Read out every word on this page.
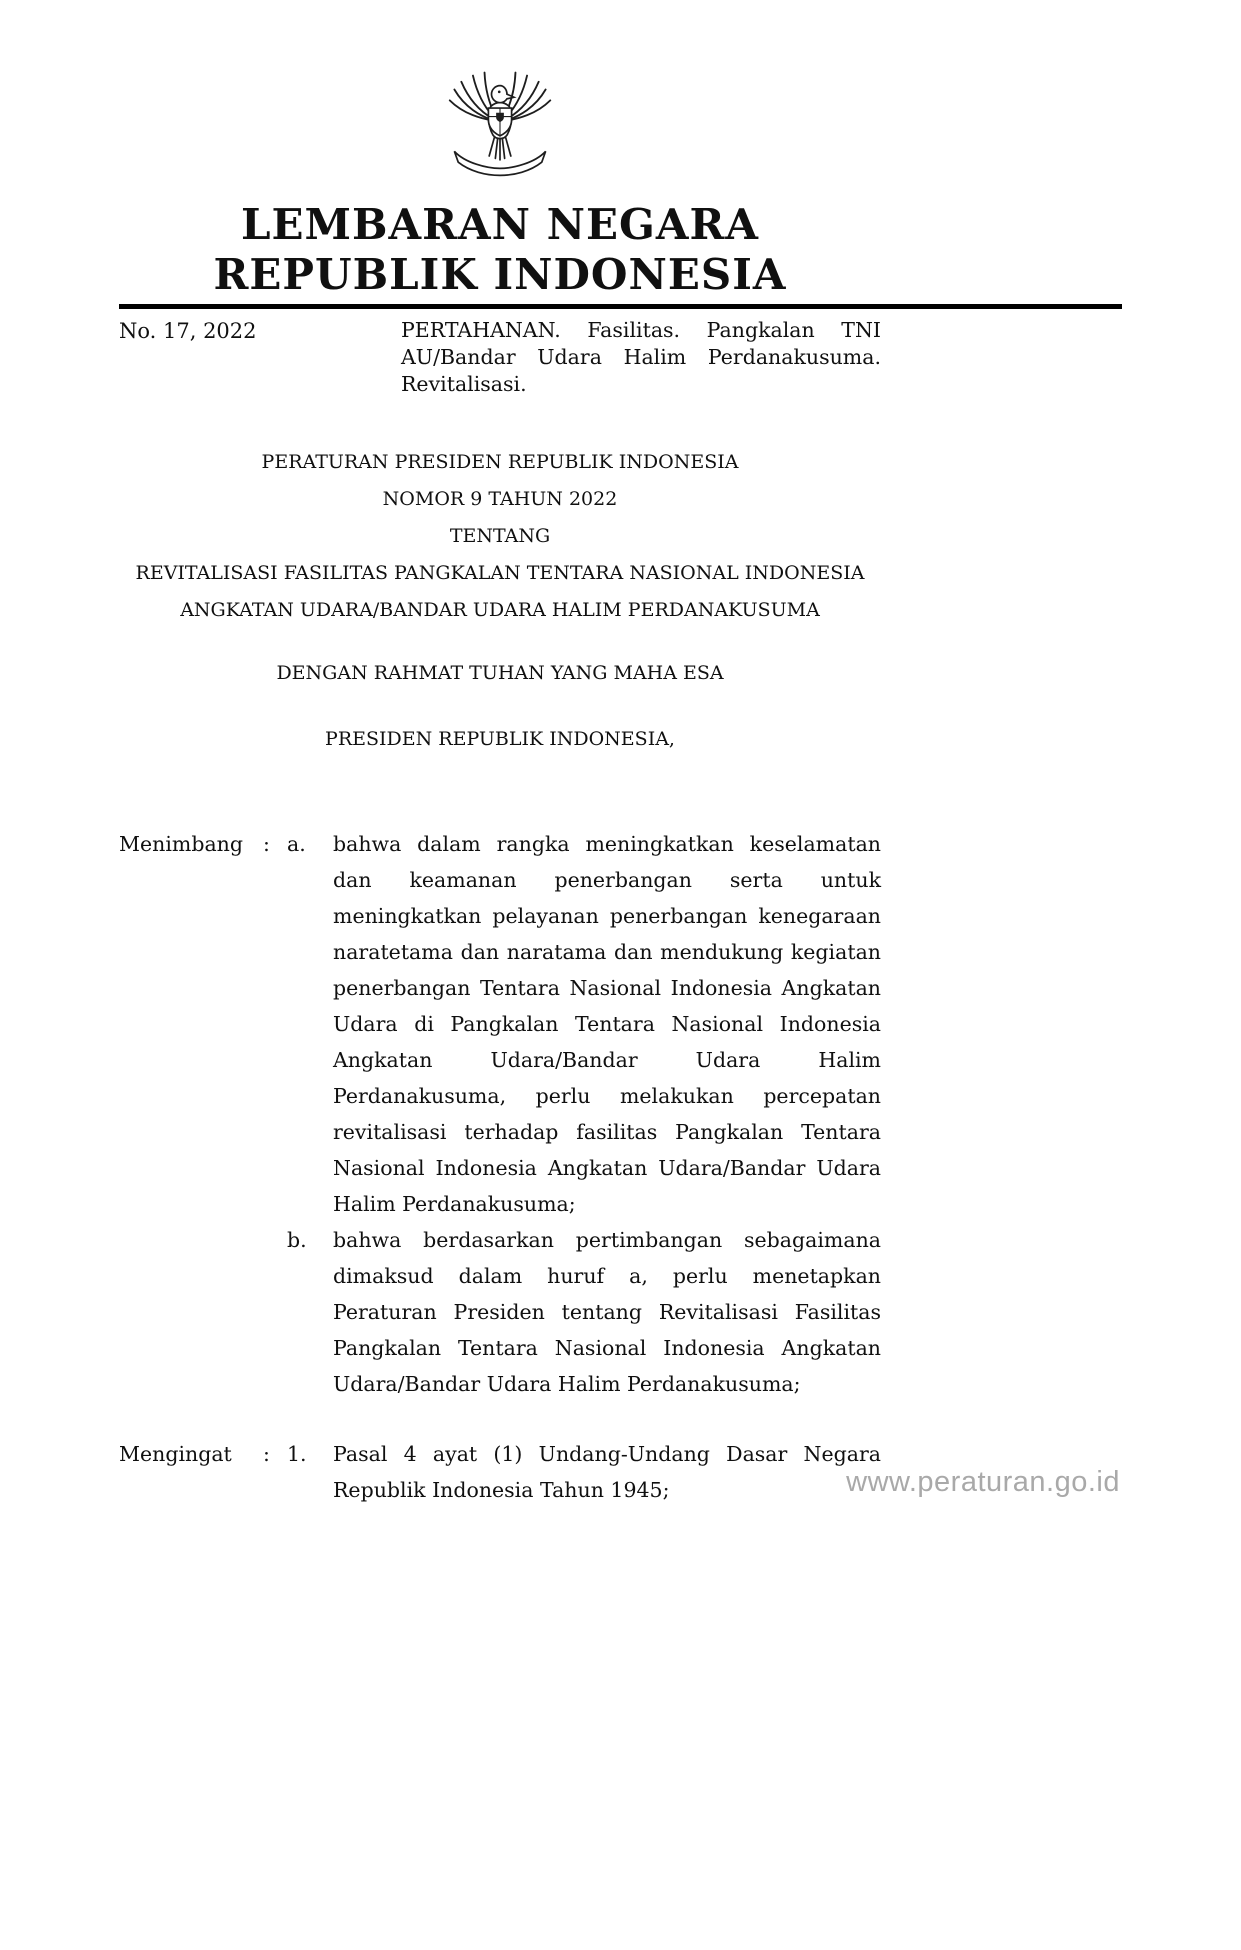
LEMBARAN NEGARA
REPUBLIK INDONESIA
No. 17, 2022	PERTAHANAN. Fasilitas. Pangkalan TNI AU/Bandar Udara Halim Perdanakusuma. Revitalisasi.
PERATURAN PRESIDEN REPUBLIK INDONESIA
NOMOR 9 TAHUN 2022
TENTANG
REVITALISASI FASILITAS PANGKALAN TENTARA NASIONAL INDONESIA
ANGKATAN UDARA/BANDAR UDARA HALIM PERDANAKUSUMA
DENGAN RAHMAT TUHAN YANG MAHA ESA
PRESIDEN REPUBLIK INDONESIA,
Menimbang : a.	bahwa dalam rangka meningkatkan keselamatan dan keamanan penerbangan serta untuk meningkatkan pelayanan penerbangan kenegaraan naratetama dan naratama dan mendukung kegiatan penerbangan Tentara Nasional Indonesia Angkatan Udara di Pangkalan Tentara Nasional Indonesia Angkatan Udara/Bandar Udara Halim Perdanakusuma, perlu melakukan percepatan revitalisasi terhadap fasilitas Pangkalan Tentara Nasional Indonesia Angkatan Udara/Bandar Udara Halim Perdanakusuma;

b.	bahwa berdasarkan pertimbangan sebagaimana dimaksud dalam huruf a, perlu menetapkan Peraturan Presiden tentang Revitalisasi Fasilitas Pangkalan Tentara Nasional Indonesia Angkatan Udara/Bandar Udara Halim Perdanakusuma;

Mengingat	: 1.	Pasal 4 ayat (1) Undang-Undang Dasar Negara Republik Indonesia Tahun 1945;	www.peraturan.go.id
